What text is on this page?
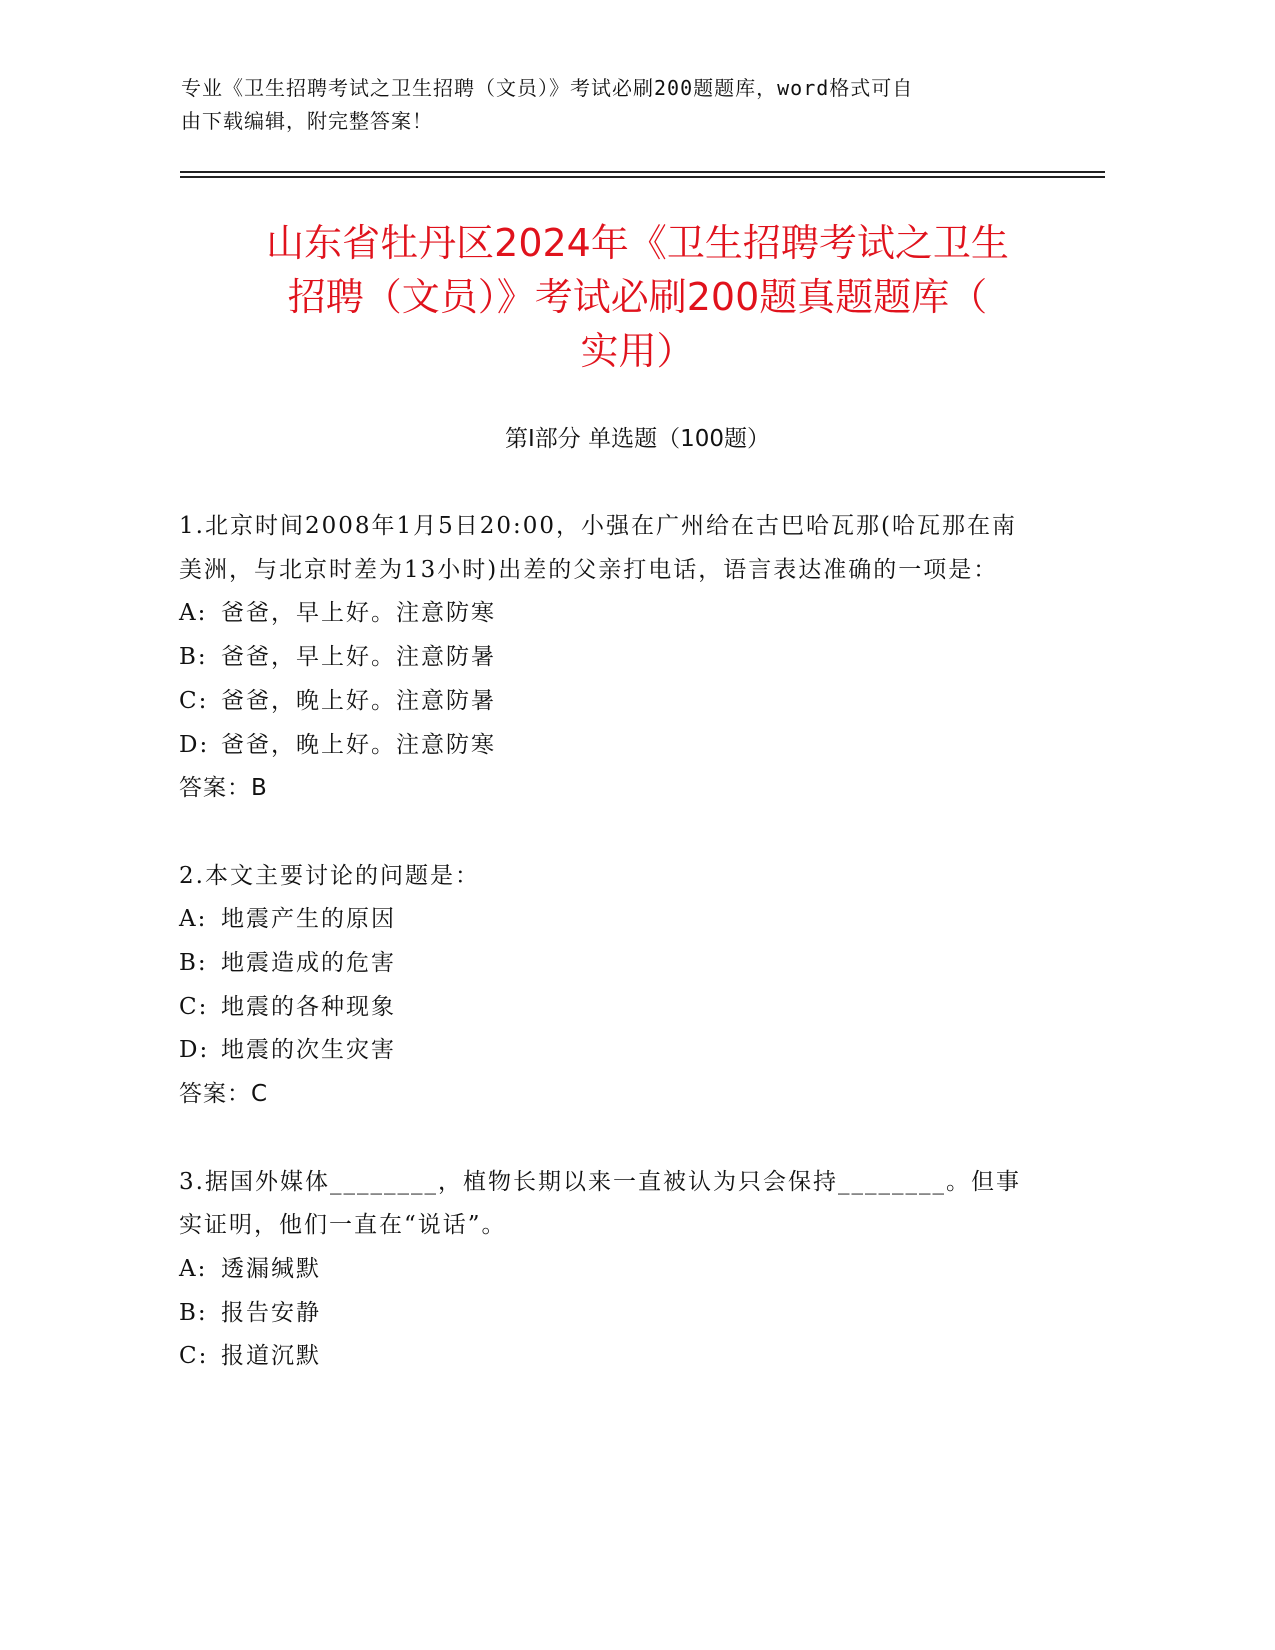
专业《卫生招聘考试之卫生招聘（文员）》考试必刷200题题库，word格式可自
由下载编辑，附完整答案！
山东省牡丹区2024年《卫生招聘考试之卫生
招聘（文员）》考试必刷200题真题题库（
实用）
第Ⅰ部分 单选题（100题）
1.北京时间2008年1月5日20:00，小强在广州给在古巴哈瓦那(哈瓦那在南美洲，与北京时差为13小时)出差的父亲打电话，语言表达准确的一项是：
A: 爸爸，早上好。注意防寒
B: 爸爸，早上好。注意防暑
C: 爸爸，晚上好。注意防暑
D: 爸爸，晚上好。注意防寒
答案：B
2.本文主要讨论的问题是：
A: 地震产生的原因
B: 地震造成的危害
C: 地震的各种现象
D: 地震的次生灾害
答案：C
3.据国外媒体________，植物长期以来一直被认为只会保持________。但事实证明，他们一直在“说话”。
A: 透漏缄默
B: 报告安静
C: 报道沉默
